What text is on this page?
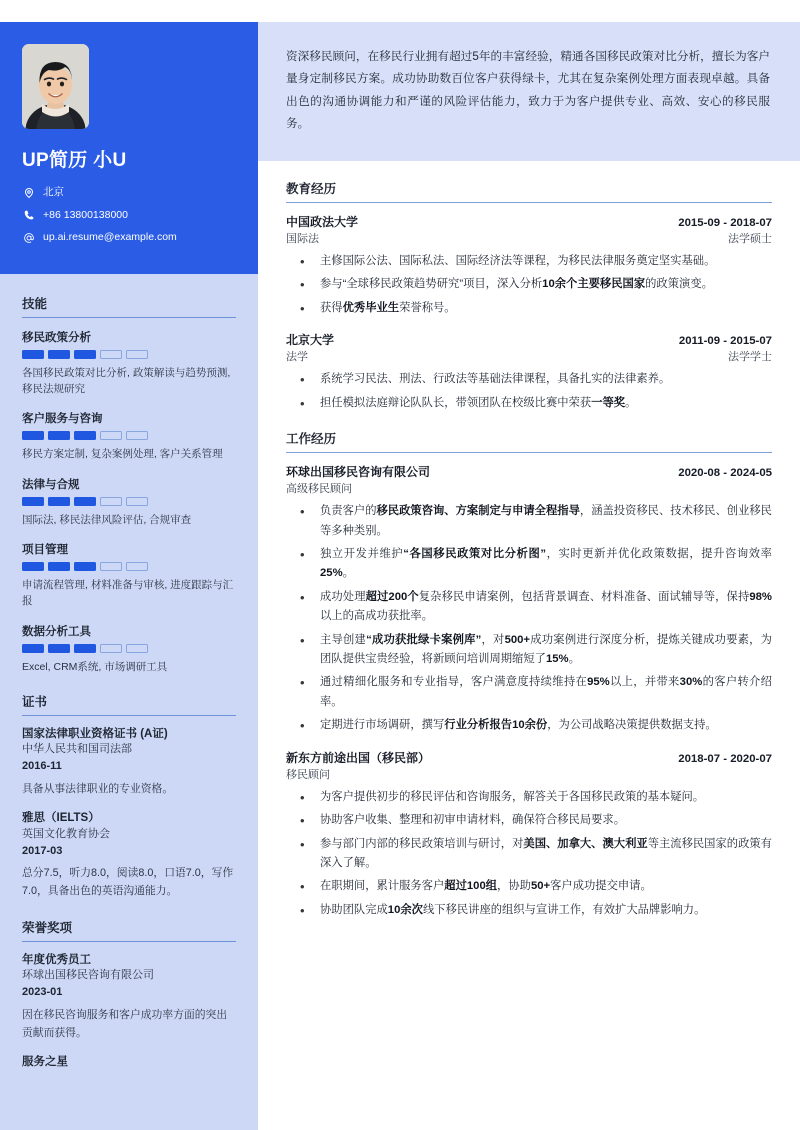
UP简历 小U
北京
+86 13800138000
up.ai.resume@example.com
技能
移民政策分析
各国移民政策对比分析, 政策解读与趋势预测, 移民法规研究
客户服务与咨询
移民方案定制, 复杂案例处理, 客户关系管理
法律与合规
国际法, 移民法律风险评估, 合规审查
项目管理
申请流程管理, 材料准备与审核, 进度跟踪与汇报
数据分析工具
Excel, CRM系统, 市场调研工具
证书
国家法律职业资格证书 (A证)
中华人民共和国司法部
2016-11
具备从事法律职业的专业资格。
雅思（IELTS）
英国文化教育协会
2017-03
总分7.5，听力8.0，阅读8.0，口语7.0，写作7.0，具备出色的英语沟通能力。
荣誉奖项
年度优秀员工
环球出国移民咨询有限公司
2023-01
因在移民咨询服务和客户成功率方面的突出贡献而获得。
服务之星

资深移民顾问，在移民行业拥有超过5年的丰富经验，精通各国移民政策对比分析，擅长为客户量身定制移民方案。成功协助数百位客户获得绿卡，尤其在复杂案例处理方面表现卓越。具备出色的沟通协调能力和严谨的风险评估能力，致力于为客户提供专业、高效、安心的移民服务。

教育经历
中国政法大学	2015-09 - 2018-07
国际法	法学硕士
• 主修国际公法、国际私法、国际经济法等课程，为移民法律服务奠定坚实基础。
• 参与“全球移民政策趋势研究”项目，深入分析10余个主要移民国家的政策演变。
• 获得优秀毕业生荣誉称号。
北京大学	2011-09 - 2015-07
法学	法学学士
• 系统学习民法、刑法、行政法等基础法律课程，具备扎实的法律素养。
• 担任模拟法庭辩论队队长，带领团队在校级比赛中荣获一等奖。
工作经历
环球出国移民咨询有限公司	2020-08 - 2024-05
高级移民顾问
• 负责客户的移民政策咨询、方案制定与申请全程指导，涵盖投资移民、技术移民、创业移民等多种类别。
• 独立开发并维护“各国移民政策对比分析图”，实时更新并优化政策数据，提升咨询效率25%。
• 成功处理超过200个复杂移民申请案例，包括背景调查、材料准备、面试辅导等，保持98%以上的高成功获批率。
• 主导创建“成功获批绿卡案例库”，对500+成功案例进行深度分析，提炼关键成功要素，为团队提供宝贵经验，将新顾问培训周期缩短了15%。
• 通过精细化服务和专业指导，客户满意度持续维持在95%以上，并带来30%的客户转介绍率。
• 定期进行市场调研，撰写行业分析报告10余份，为公司战略决策提供数据支持。
新东方前途出国（移民部）	2018-07 - 2020-07
移民顾问
• 为客户提供初步的移民评估和咨询服务，解答关于各国移民政策的基本疑问。
• 协助客户收集、整理和初审申请材料，确保符合移民局要求。
• 参与部门内部的移民政策培训与研讨，对美国、加拿大、澳大利亚等主流移民国家的政策有深入了解。
• 在职期间，累计服务客户超过100组，协助50+客户成功提交申请。
• 协助团队完成10余次线下移民讲座的组织与宣讲工作，有效扩大品牌影响力。
